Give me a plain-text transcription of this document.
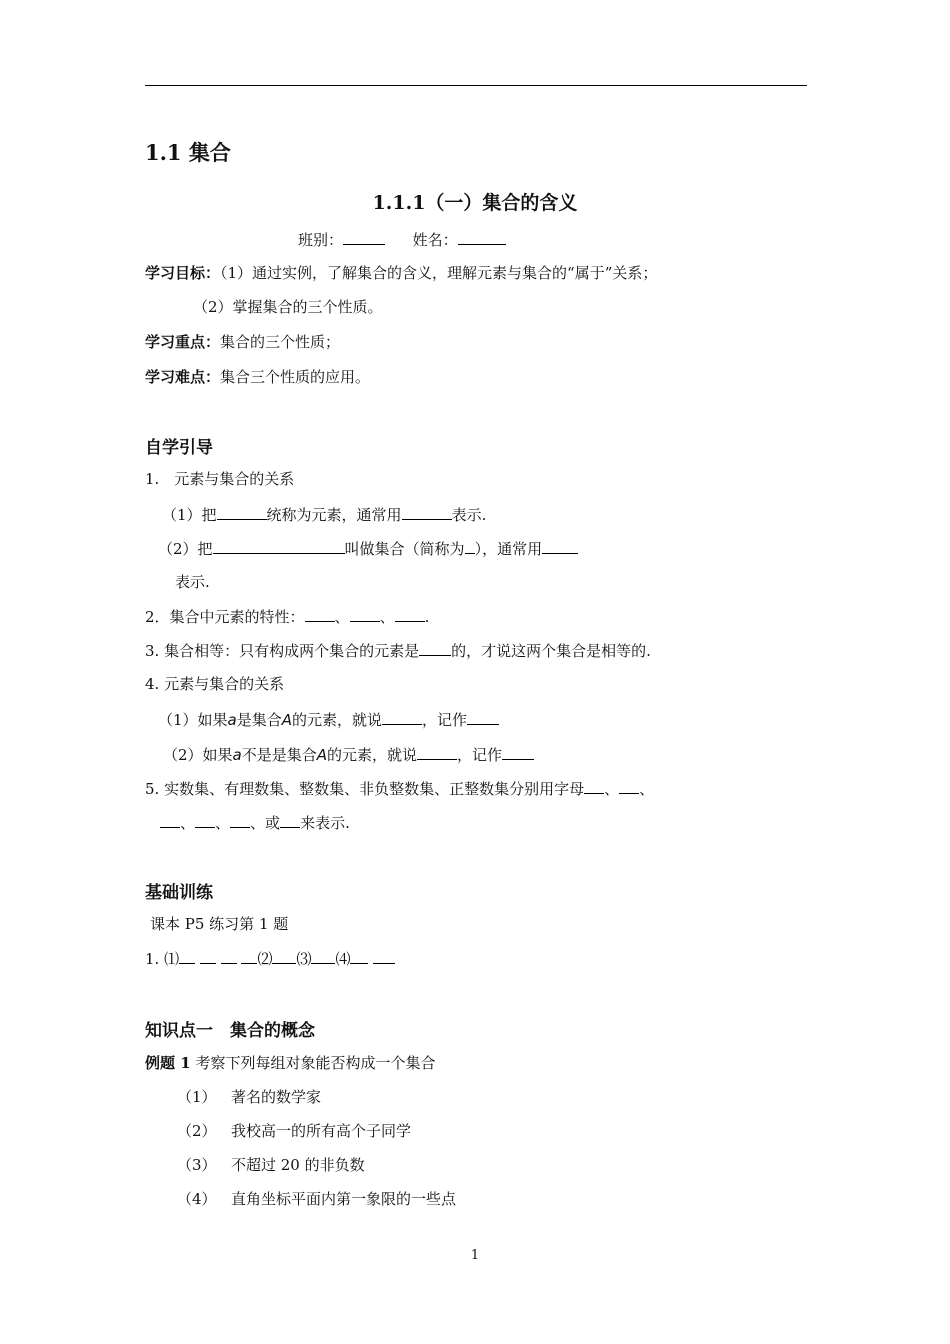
1.1 集合
1.1.1（一）集合的含义
班别：	姓名：
学习目标：（1）通过实例，了解集合的含义，理解元素与集合的“属于”关系；
（2）掌握集合的三个性质。
学习重点：集合的三个性质；
学习难点：集合三个性质的应用。
自学引导
1.　元素与集合的关系
（1）把	统称为元素，通常用	表示.
（2）把	叫做集合（简称为 ），通常用
表示.
2．集合中元素的特性： 、 、 .
3. 集合相等：只有构成两个集合的元素是 的，才说这两个集合是相等的.
4. 元素与集合的关系
（1）如果a是集合A的元素，就说	，记作
（2）如果a不是是集合A的元素，就说	，记作
5. 实数集、有理数集、整数集、非负整数集、正整数集分别用字母 、 、
、 、 、或 来表示.
基础训练
课本 P5 练习第 1 题
1. ⑴	⑵ ⑶ ⑷
知识点一　集合的概念
例题 1 考察下列每组对象能否构成一个集合
（1） 著名的数学家
（2） 我校高一的所有高个子同学
（3） 不超过 20 的非负数
（4） 直角坐标平面内第一象限的一些点
1
